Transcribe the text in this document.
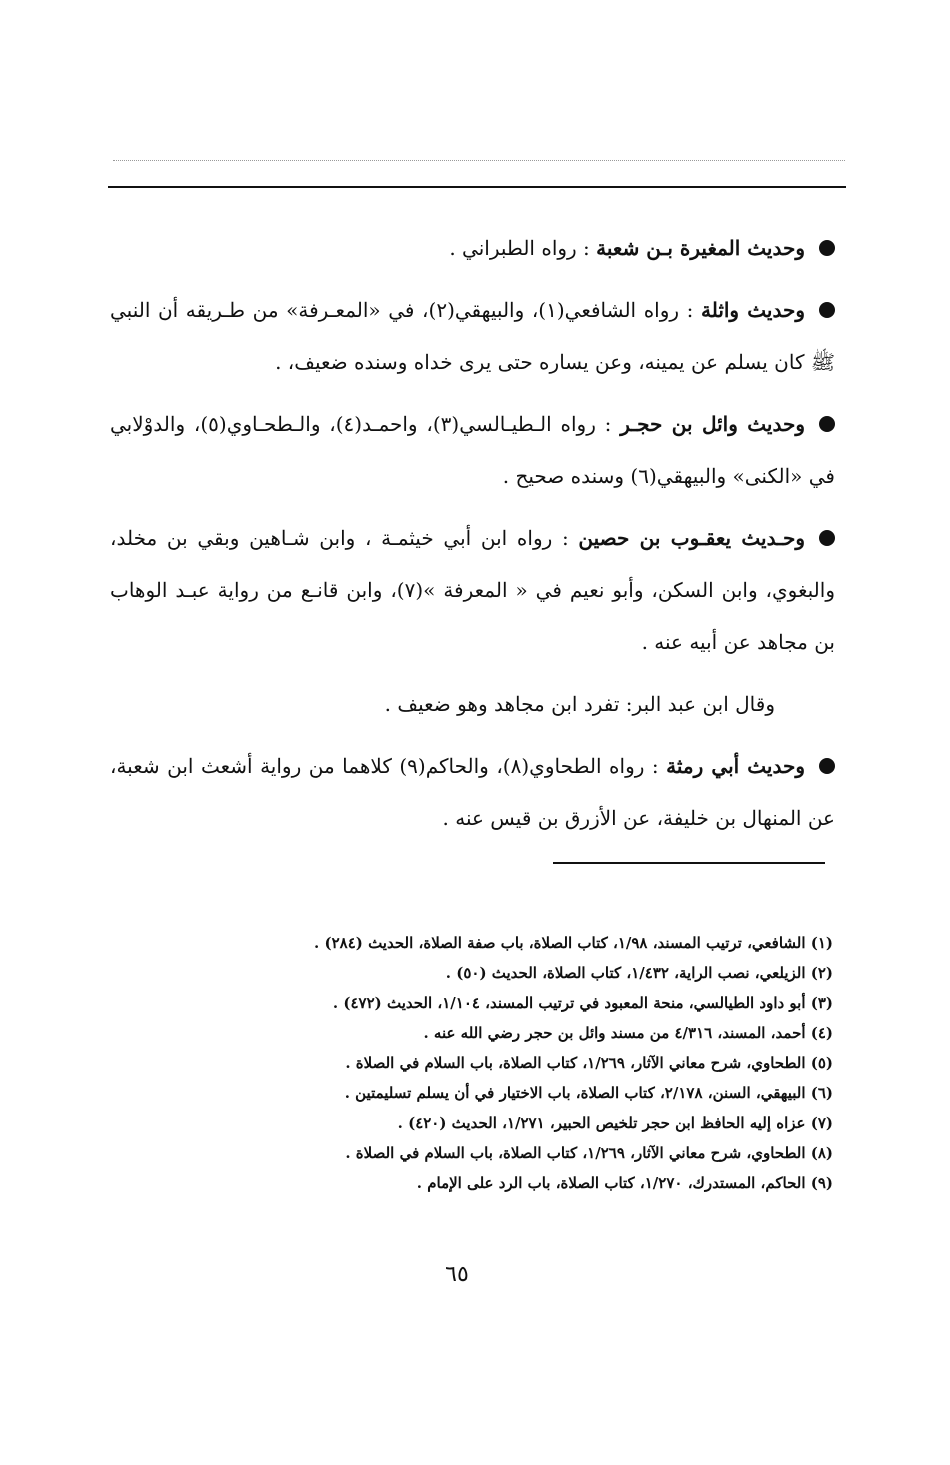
وحديث المغيرة بـن شعبة : رواه الطبراني .

وحديث واثلة : رواه الشافعي(١)، والبيهقي(٢)، في «المعـرفة» من طـريقه أن النبي ﷺ كان يسلم عن يمينه، وعن يساره حتى يرى خداه وسنده ضعيف، .

وحديث وائل بن حجـر : رواه الـطيـالسي(٣)، واحمـد(٤)، والـطحـاوي(٥)، والدوْلابي في «الكنى» والبيهقي(٦) وسنده صحيح .

وحـديث يعقـوب بن حصين : رواه ابن أبي خيثمـة ، وابن شـاهين وبقي بن مخلد، والبغوي، وابن السكن، وأبو نعيم في « المعرفة »(٧)، وابن قانـع من رواية عبـد الوهاب بن مجاهد عن أبيه عنه .

وقال ابن عبد البر: تفرد ابن مجاهد وهو ضعيف .

وحديث أبي رمثة : رواه الطحاوي(٨)، والحاكم(٩) كلاهما من رواية أشعث ابن شعبة، عن المنهال بن خليفة، عن الأزرق بن قيس عنه .

(١) الشافعي، ترتيب المسند، ١/٩٨، كتاب الصلاة، باب صفة الصلاة، الحديث (٢٨٤) .

(٢) الزيلعي، نصب الراية، ١/٤٣٢، كتاب الصلاة، الحديث (٥٠) .

(٣) أبو داود الطيالسي، منحة المعبود في ترتيب المسند، ١/١٠٤، الحديث (٤٧٢) .

(٤) أحمد، المسند، ٤/٣١٦ من مسند وائل بن حجر رضي الله عنه .

(٥) الطحاوي، شرح معاني الآثار، ١/٢٦٩، كتاب الصلاة، باب السلام في الصلاة .

(٦) البيهقي، السنن، ٢/١٧٨، كتاب الصلاة، باب الاختيار في أن يسلم تسليمتين .

(٧) عزاه إليه الحافظ ابن حجر تلخيص الحبير، ١/٢٧١، الحديث (٤٢٠) .

(٨) الطحاوي، شرح معاني الآثار، ١/٢٦٩، كتاب الصلاة، باب السلام في الصلاة .

(٩) الحاكم، المستدرك، ١/٢٧٠، كتاب الصلاة، باب الرد على الإمام .

٦٥
